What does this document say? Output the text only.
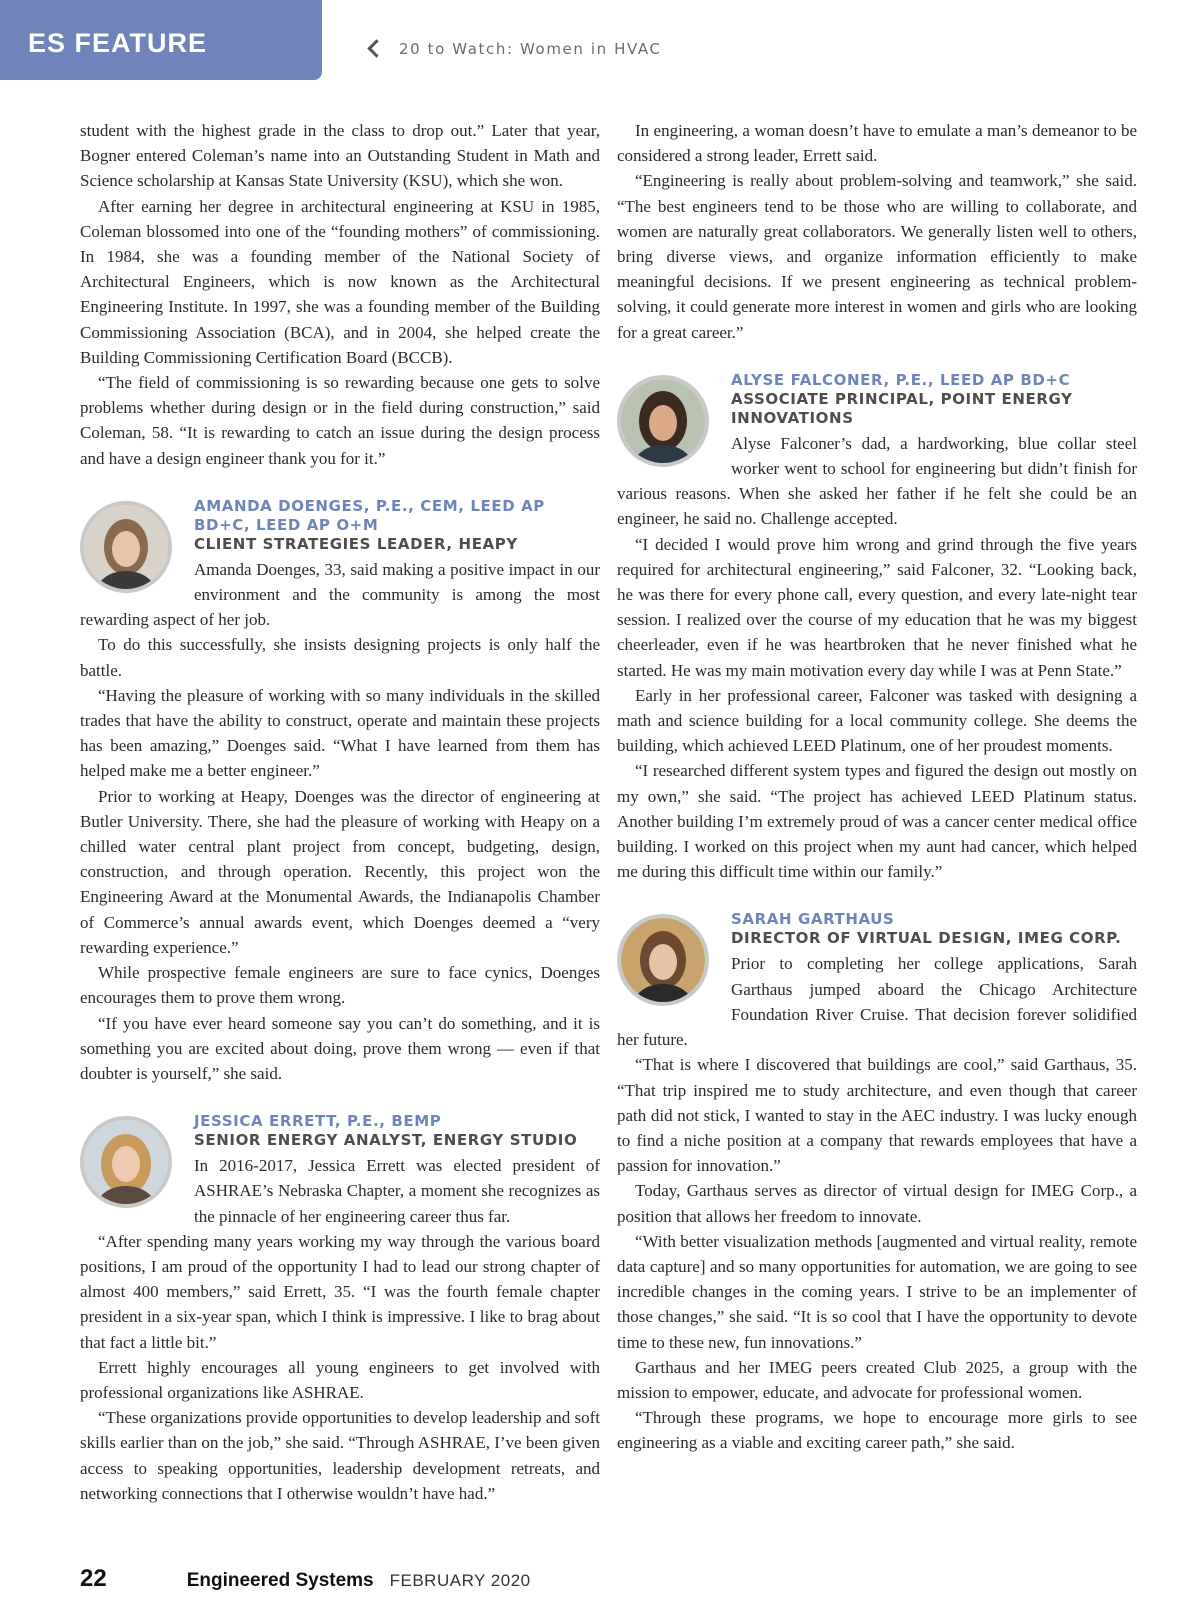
ES FEATURE	20 to Watch: Women in HVAC

student with the highest grade in the class to drop out.” Later that year, Bogner entered Coleman’s name into an Outstanding Student in Math and Science scholarship at Kansas State University (KSU), which she won.

After earning her degree in architectural engineering at KSU in 1985, Coleman blossomed into one of the “founding mothers” of commissioning. In 1984, she was a founding member of the National Society of Architectural Engineers, which is now known as the Architectural Engineering Institute. In 1997, she was a founding member of the Building Commissioning Association (BCA), and in 2004, she helped create the Building Commissioning Certification Board (BCCB).

“The field of commissioning is so rewarding because one gets to solve problems whether during design or in the field during construction,” said Coleman, 58. “It is rewarding to catch an issue during the design process and have a design engineer thank you for it.”

AMANDA DOENGES, P.E., CEM, LEED AP BD+C, LEED AP O+M
CLIENT STRATEGIES LEADER, HEAPY

Amanda Doenges, 33, said making a positive impact in our environment and the community is among the most rewarding aspect of her job.

To do this successfully, she insists designing projects is only half the battle.

“Having the pleasure of working with so many individuals in the skilled trades that have the ability to construct, operate and maintain these projects has been amazing,” Doenges said. “What I have learned from them has helped make me a better engineer.”

Prior to working at Heapy, Doenges was the director of engineering at Butler University. There, she had the pleasure of working with Heapy on a chilled water central plant project from concept, budgeting, design, construction, and through operation. Recently, this project won the Engineering Award at the Monumental Awards, the Indianapolis Chamber of Commerce’s annual awards event, which Doenges deemed a “very rewarding experience.”

While prospective female engineers are sure to face cynics, Doenges encourages them to prove them wrong.

“If you have ever heard someone say you can’t do something, and it is something you are excited about doing, prove them wrong — even if that doubter is yourself,” she said.

JESSICA ERRETT, P.E., BEMP
SENIOR ENERGY ANALYST, ENERGY STUDIO

In 2016-2017, Jessica Errett was elected president of ASHRAE’s Nebraska Chapter, a moment she recognizes as the pinnacle of her engineering career thus far.

“After spending many years working my way through the various board positions, I am proud of the opportunity I had to lead our strong chapter of almost 400 members,” said Errett, 35. “I was the fourth female chapter president in a six-year span, which I think is impressive. I like to brag about that fact a little bit.”

Errett highly encourages all young engineers to get involved with professional organizations like ASHRAE.

“These organizations provide opportunities to develop leadership and soft skills earlier than on the job,” she said. “Through ASHRAE, I’ve been given access to speaking opportunities, leadership development retreats, and networking connections that I otherwise wouldn’t have had.”

In engineering, a woman doesn’t have to emulate a man’s demeanor to be considered a strong leader, Errett said.

“Engineering is really about problem-solving and teamwork,” she said. “The best engineers tend to be those who are willing to collaborate, and women are naturally great collaborators. We generally listen well to others, bring diverse views, and organize information efficiently to make meaningful decisions. If we present engineering as technical problem-solving, it could generate more interest in women and girls who are looking for a great career.”

ALYSE FALCONER, P.E., LEED AP BD+C
ASSOCIATE PRINCIPAL, POINT ENERGY INNOVATIONS

Alyse Falconer’s dad, a hardworking, blue collar steel worker went to school for engineering but didn’t finish for various reasons. When she asked her father if he felt she could be an engineer, he said no. Challenge accepted.

“I decided I would prove him wrong and grind through the five years required for architectural engineering,” said Falconer, 32. “Looking back, he was there for every phone call, every question, and every late-night tear session. I realized over the course of my education that he was my biggest cheerleader, even if he was heartbroken that he never finished what he started. He was my main motivation every day while I was at Penn State.”

Early in her professional career, Falconer was tasked with designing a math and science building for a local community college. She deems the building, which achieved LEED Platinum, one of her proudest moments.

“I researched different system types and figured the design out mostly on my own,” she said. “The project has achieved LEED Platinum status. Another building I’m extremely proud of was a cancer center medical office building. I worked on this project when my aunt had cancer, which helped me during this difficult time within our family.”

SARAH GARTHAUS
DIRECTOR OF VIRTUAL DESIGN, IMEG CORP.

Prior to completing her college applications, Sarah Garthaus jumped aboard the Chicago Architecture Foundation River Cruise. That decision forever solidified her future.

“That is where I discovered that buildings are cool,” said Garthaus, 35. “That trip inspired me to study architecture, and even though that career path did not stick, I wanted to stay in the AEC industry. I was lucky enough to find a niche position at a company that rewards employees that have a passion for innovation.”

Today, Garthaus serves as director of virtual design for IMEG Corp., a position that allows her freedom to innovate.

“With better visualization methods [augmented and virtual reality, remote data capture] and so many opportunities for automation, we are going to see incredible changes in the coming years. I strive to be an implementer of those changes,” she said. “It is so cool that I have the opportunity to devote time to these new, fun innovations.”

Garthaus and her IMEG peers created Club 2025, a group with the mission to empower, educate, and advocate for professional women.

“Through these programs, we hope to encourage more girls to see engineering as a viable and exciting career path,” she said.

22	Engineered Systems FEBRUARY 2020
